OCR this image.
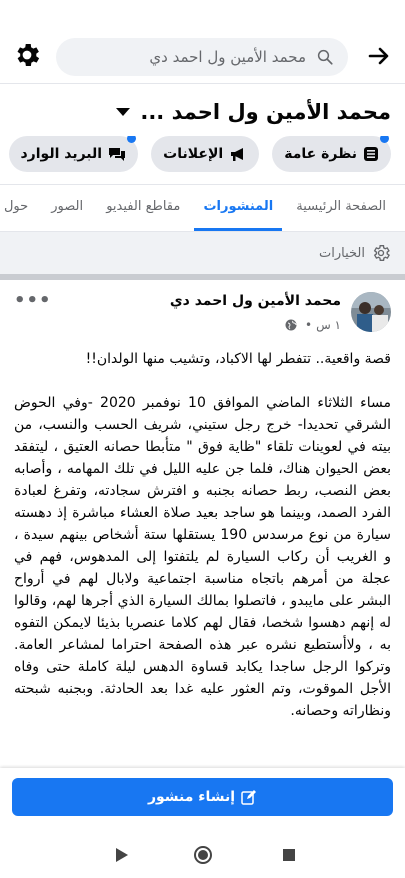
محمد الأمين ول احمد دي
محمد الأمين ول احمد ...
نظرة عامة

الإعلانات

البريد الوارد

الصفحة الرئيسية المنشورات مقاطع الفيديو الصور حول
الخيارات
محمد الأمين ول احمد دي
١ س
•
•••

قصة واقعية.. تتفطر لها الاكباد، وتشيب منها الولدان!!

مساء الثلاثاء الماضي الموافق 10 نوفمبر 2020 -وفي الحوض الشرقي تحديدا- خرج رجل ستيني، شريف الحسب والنسب، من بيته في لعوينات تلقاء "ظاية فوق " متأبطا حصانه العتيق ، ليتفقد بعض الحيوان هناك، فلما جن عليه الليل في تلك المهامه ، وأصابه بعض النصب، ربط حصانه بجنبه و افترش سجادته، وتفرغ لعبادة الفرد الصمد، وبينما هو ساجد بعيد صلاة العشاء مباشرة إذ دهسته سيارة من نوع مرسدس 190 يستقلها ستة أشخاص بينهم سيدة ، و الغريب أن ركاب السيارة لم يلتفتوا إلى المدهوس، فهم في عجلة من أمرهم باتجاه مناسبة اجتماعية ولابال لهم في أرواح البشر على مايبدو ، فاتصلوا بمالك السيارة الذي أجرها لهم، وقالوا له إنهم دهسوا شخصا، فقال لهم كلاما عنصريا بذيئا لايمكن التفوه به ، ولاأستطيع نشره عبر هذه الصفحة احتراما لمشاعر العامة. وتركوا الرجل ساجدا يكابد قساوة الدهس ليلة كاملة حتى وفاه الأجل الموقوت، وتم العثور عليه غدا بعد الحادثة. وبجنبه شبحته ونظاراته وحصانه.

إنشاء منشور
